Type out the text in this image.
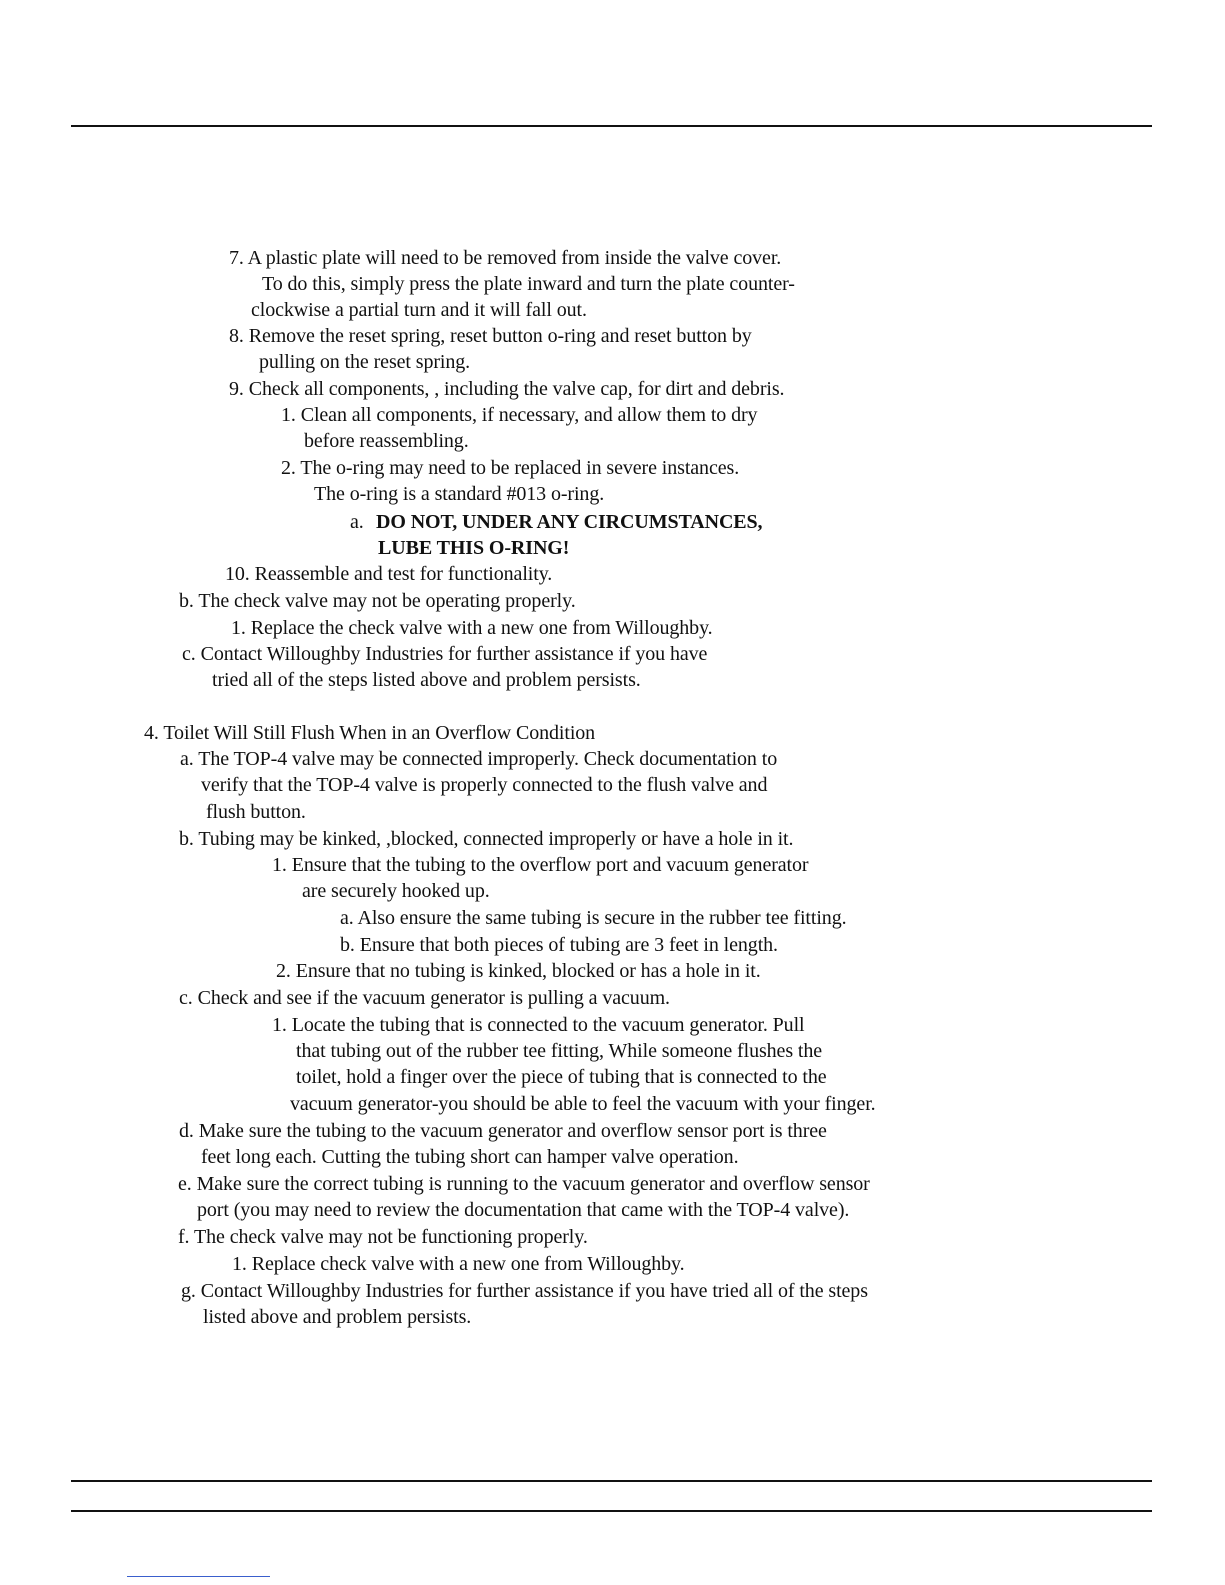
7. A plastic plate will need to be removed from inside the valve cover.
To do this, simply press the plate inward and turn the plate counter-
clockwise a partial turn and it will fall out.
8. Remove the reset spring, reset button o-ring and reset button by
pulling on the reset spring.
9. Check all components, , including the valve cap, for dirt and debris.
1. Clean all components, if necessary, and allow them to dry
before reassembling.
2. The o-ring may need to be replaced in severe instances.
The o-ring is a standard #013 o-ring.
a. DO NOT, UNDER ANY CIRCUMSTANCES,
LUBE THIS O-RING!
10. Reassemble and test for functionality.
b. The check valve may not be operating properly.
1. Replace the check valve with a new one from Willoughby.
c. Contact Willoughby Industries for further assistance if you have
tried all of the steps listed above and problem persists.
4. Toilet Will Still Flush When in an Overflow Condition
a. The TOP-4 valve may be connected improperly. Check documentation to
verify that the TOP-4 valve is properly connected to the flush valve and
flush button.
b. Tubing may be kinked, ,blocked, connected improperly or have a hole in it.
1. Ensure that the tubing to the overflow port and vacuum generator
are securely hooked up.
a. Also ensure the same tubing is secure in the rubber tee fitting.
b. Ensure that both pieces of tubing are 3 feet in length.
2. Ensure that no tubing is kinked, blocked or has a hole in it.
c. Check and see if the vacuum generator is pulling a vacuum.
1. Locate the tubing that is connected to the vacuum generator. Pull
that tubing out of the rubber tee fitting, While someone flushes the
toilet, hold a finger over the piece of tubing that is connected to the
vacuum generator-you should be able to feel the vacuum with your finger.
d. Make sure the tubing to the vacuum generator and overflow sensor port is three
feet long each. Cutting the tubing short can hamper valve operation.
e. Make sure the correct tubing is running to the vacuum generator and overflow sensor
port (you may need to review the documentation that came with the TOP-4 valve).
f. The check valve may not be functioning properly.
1. Replace check valve with a new one from Willoughby.
g. Contact Willoughby Industries for further assistance if you have tried all of the steps
listed above and problem persists.
